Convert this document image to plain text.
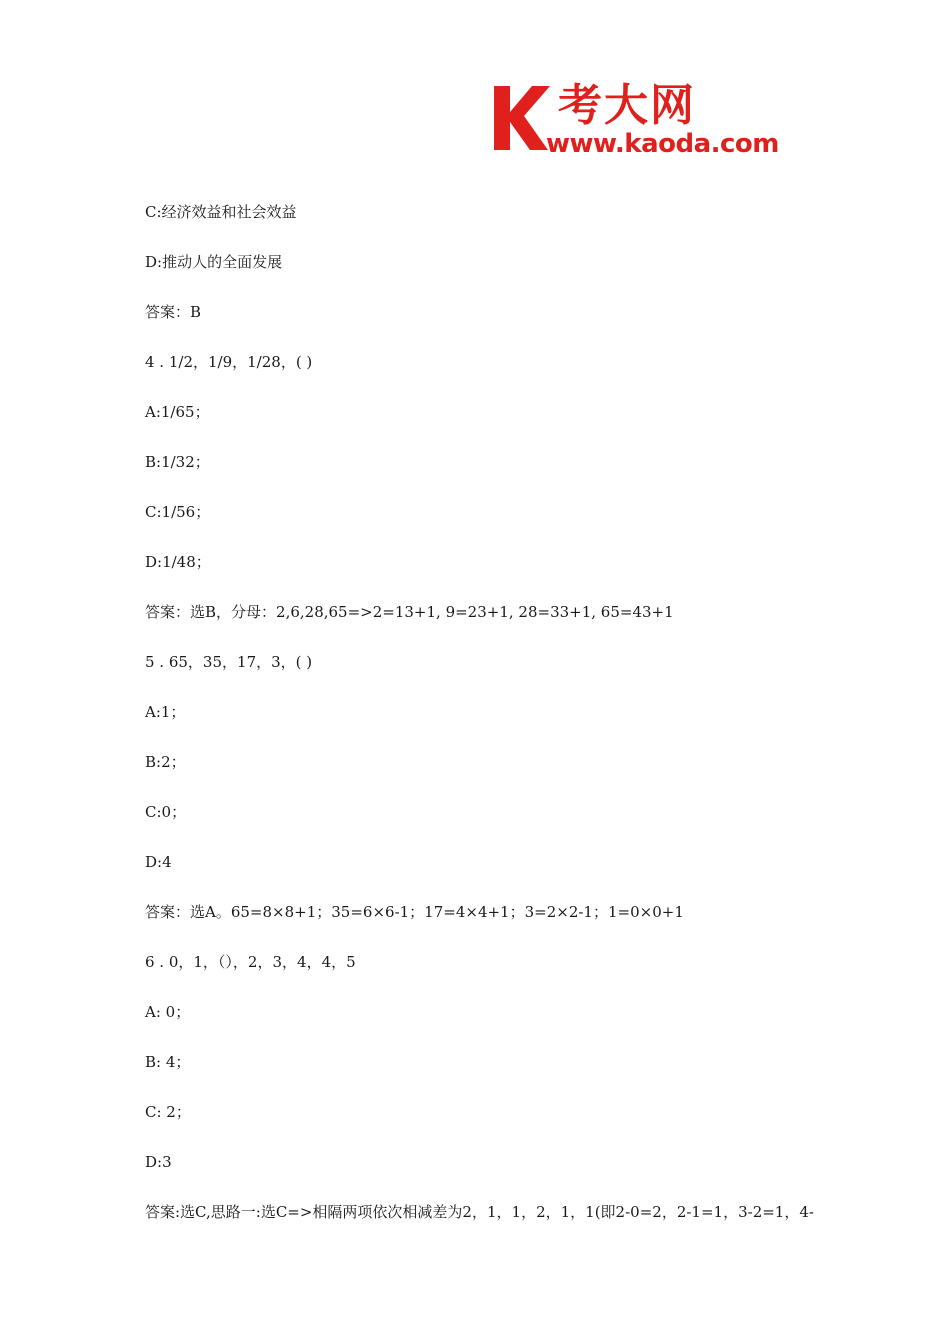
考大网
www.kaoda.com
C:经济效益和社会效益
D:推动人的全面发展
答案：B
4 . 1/2，1/9，1/28，( )
A:1/65；
B:1/32；
C:1/56；
D:1/48；
答案：选B，分母：2,6,28,65=>2=13+1, 9=23+1, 28=33+1, 65=43+1
5 . 65，35，17，3，( )
A:1；
B:2；
C:0；
D:4
答案：选A。65=8×8+1；35=6×6-1；17=4×4+1；3=2×2-1；1=0×0+1
6 . 0，1，（），2，3，4，4，5
A: 0；
B: 4；
C: 2；
D:3
答案:选C,思路一:选C=>相隔两项依次相减差为2，1，1，2，1，1(即2-0=2，2-1=1，3-2=1，4-
